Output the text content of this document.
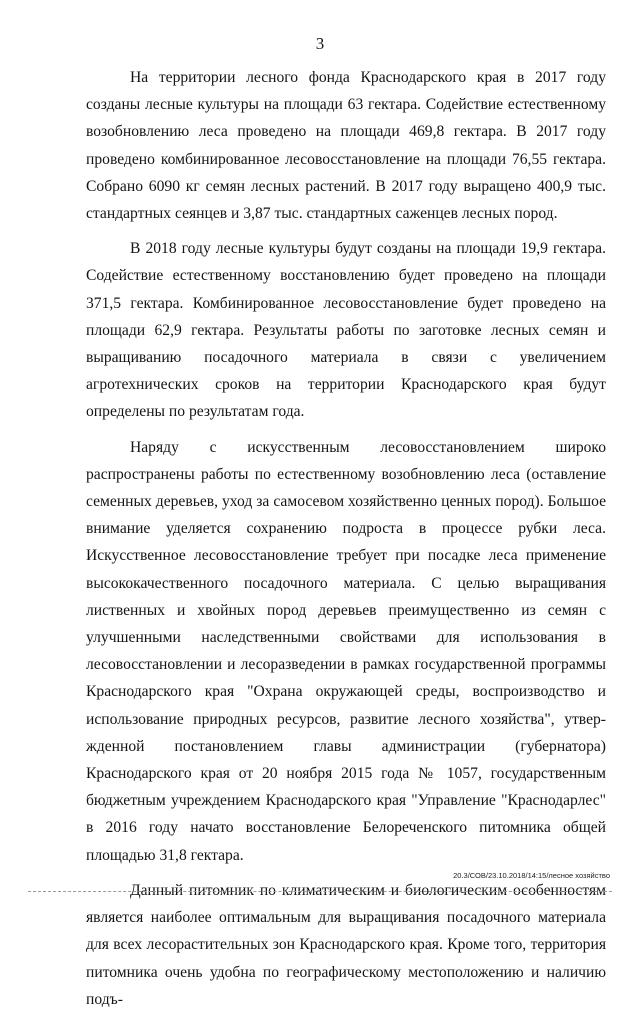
3

На территории лесного фонда Краснодарского края в 2017 году созданы лесные культуры на площади 63 гектара. Содействие естественному возобновлению леса проведено на площади 469,8 гектара. В 2017 году проведено комбинированное лесовосстановление на площади 76,55 гектара. Собрано 6090 кг семян лесных растений. В 2017 году выращено 400,9 тыс. стандартных сеянцев и 3,87 тыс. стандартных саженцев лесных пород.

В 2018 году лесные культуры будут созданы на площади 19,9 гектара. Содействие естественному восстановлению будет проведено на площади 371,5 гектара. Комбинированное лесовосстановление будет проведено на площади 62,9 гектара. Результаты работы по заготовке лесных семян и выращиванию посадочного материала в связи с увеличением агротехнических сроков на территории Краснодарского края будут определены по результатам года.

Наряду с искусственным лесовосстановлением широко распространены работы по естественному возобновлению леса (оставление семенных деревьев, уход за самосевом хозяйственно ценных пород). Большое внимание уделяется сохранению подроста в процессе рубки леса. Искусственное лесовосстановление требует при посадке леса применение высококачественного посадочного материала. С целью выращивания лиственных и хвойных пород деревьев преимущественно из семян с улучшенными наследственными свойствами для использования в лесовосстановлении и лесоразведении в рамках государственной программы Краснодарского края "Охрана окружающей среды, воспроизводство и использование природных ресурсов, развитие лесного хозяйства", утвержденной постановлением главы администрации (губернатора) Краснодарского края от 20 ноября 2015 года № 1057, государственным бюджетным учреждением Краснодарского края "Управление "Краснодарлес" в 2016 году начато восстановление Белореченского питомника общей площадью 31,8 гектара.

Данный питомник по климатическим и биологическим особенностям является наиболее оптимальным для выращивания посадочного материала для всех лесорастительных зон Краснодарского края. Кроме того, территория питомника очень удобна по географическому местоположению и наличию подъ-

20.3/СОВ/23.10.2018/14:15/лесное хозяйство
